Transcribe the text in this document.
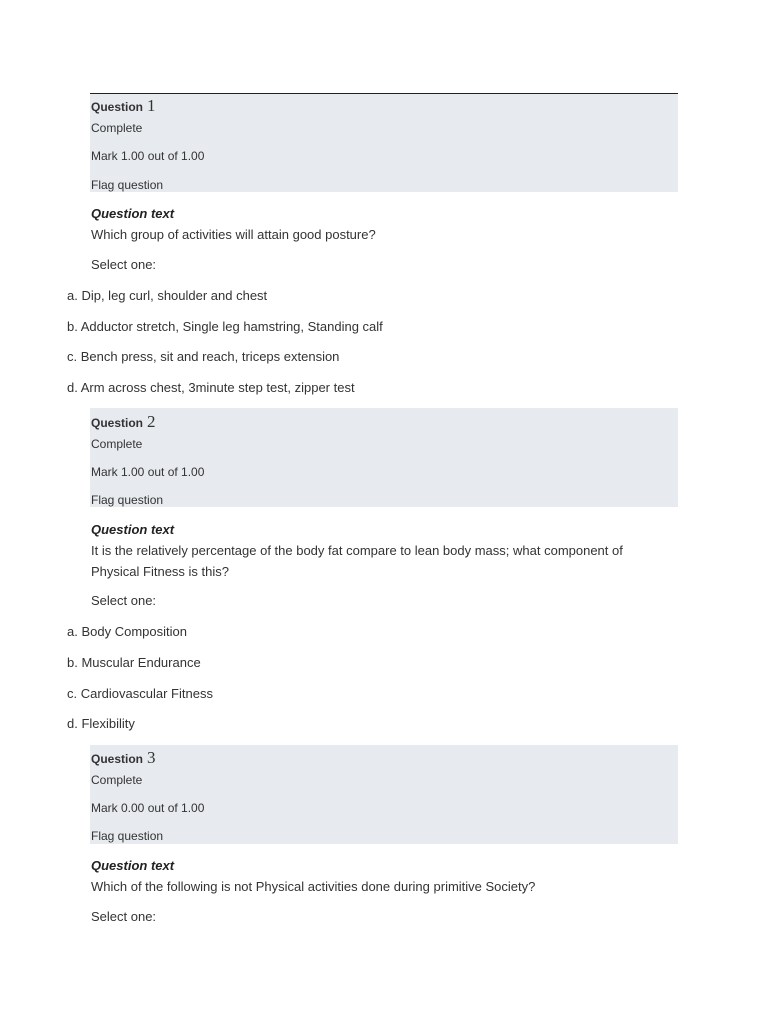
Question 1
Complete
Mark 1.00 out of 1.00
Flag question
Question text
Which group of activities will attain good posture?
Select one:
a. Dip, leg curl, shoulder and chest
b. Adductor stretch, Single leg hamstring, Standing calf
c. Bench press, sit and reach, triceps extension
d. Arm across chest, 3minute step test, zipper test
Question 2
Complete
Mark 1.00 out of 1.00
Flag question
Question text
It is the relatively percentage of the body fat compare to lean body mass; what component of Physical Fitness is this?
Select one:
a. Body Composition
b. Muscular Endurance
c. Cardiovascular Fitness
d. Flexibility
Question 3
Complete
Mark 0.00 out of 1.00
Flag question
Question text
Which of the following is not Physical activities done during primitive Society?
Select one:
